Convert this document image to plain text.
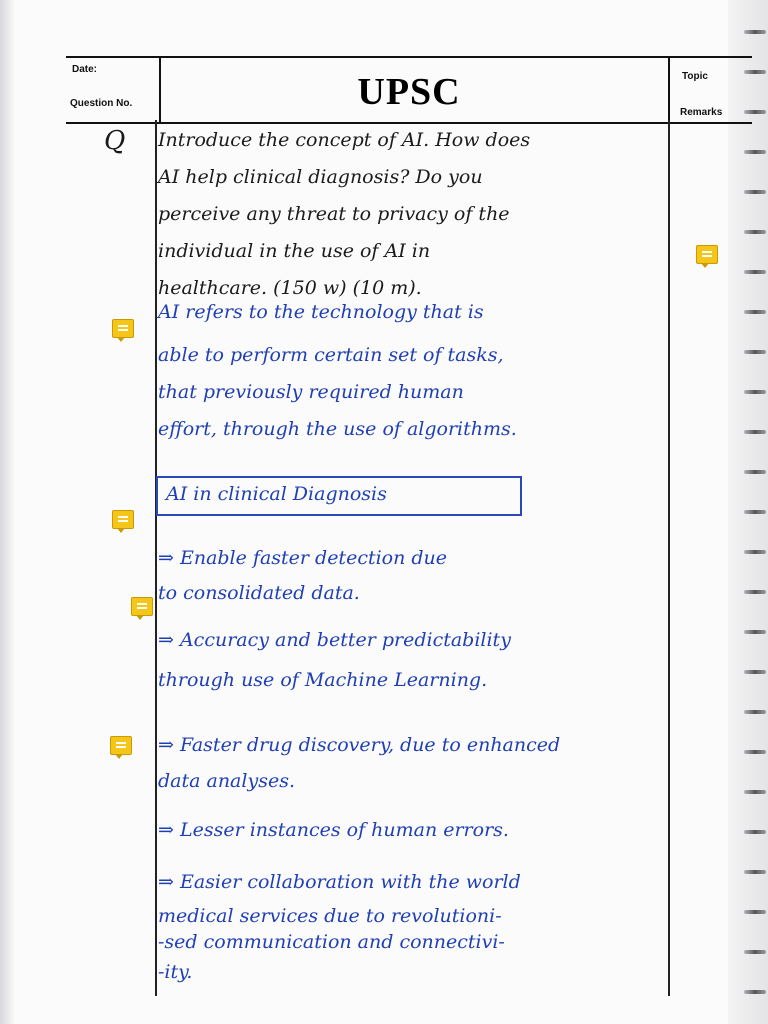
Date:
Question No.	UPSC	Topic
Remarks
Q Introduce the concept of AI. How does
AI help clinical diagnosis? Do you
perceive any threat to privacy of the
individual in the use of AI in
healthcare. (150 w) (10 m).
AI refers to the technology that is
able to perform certain set of tasks,
that previously required human
effort, through the use of algorithms.
AI in clinical Diagnosis
⇒ Enable faster detection due
to consolidated data.
⇒ Accuracy and better predictability
through use of Machine Learning.
⇒ Faster drug discovery, due to enhanced
data analyses.
⇒ Lesser instances of human errors.
⇒ Easier collaboration with the world
medical services due to revolutioni-
-sed communication and connectivi-
-ity.
